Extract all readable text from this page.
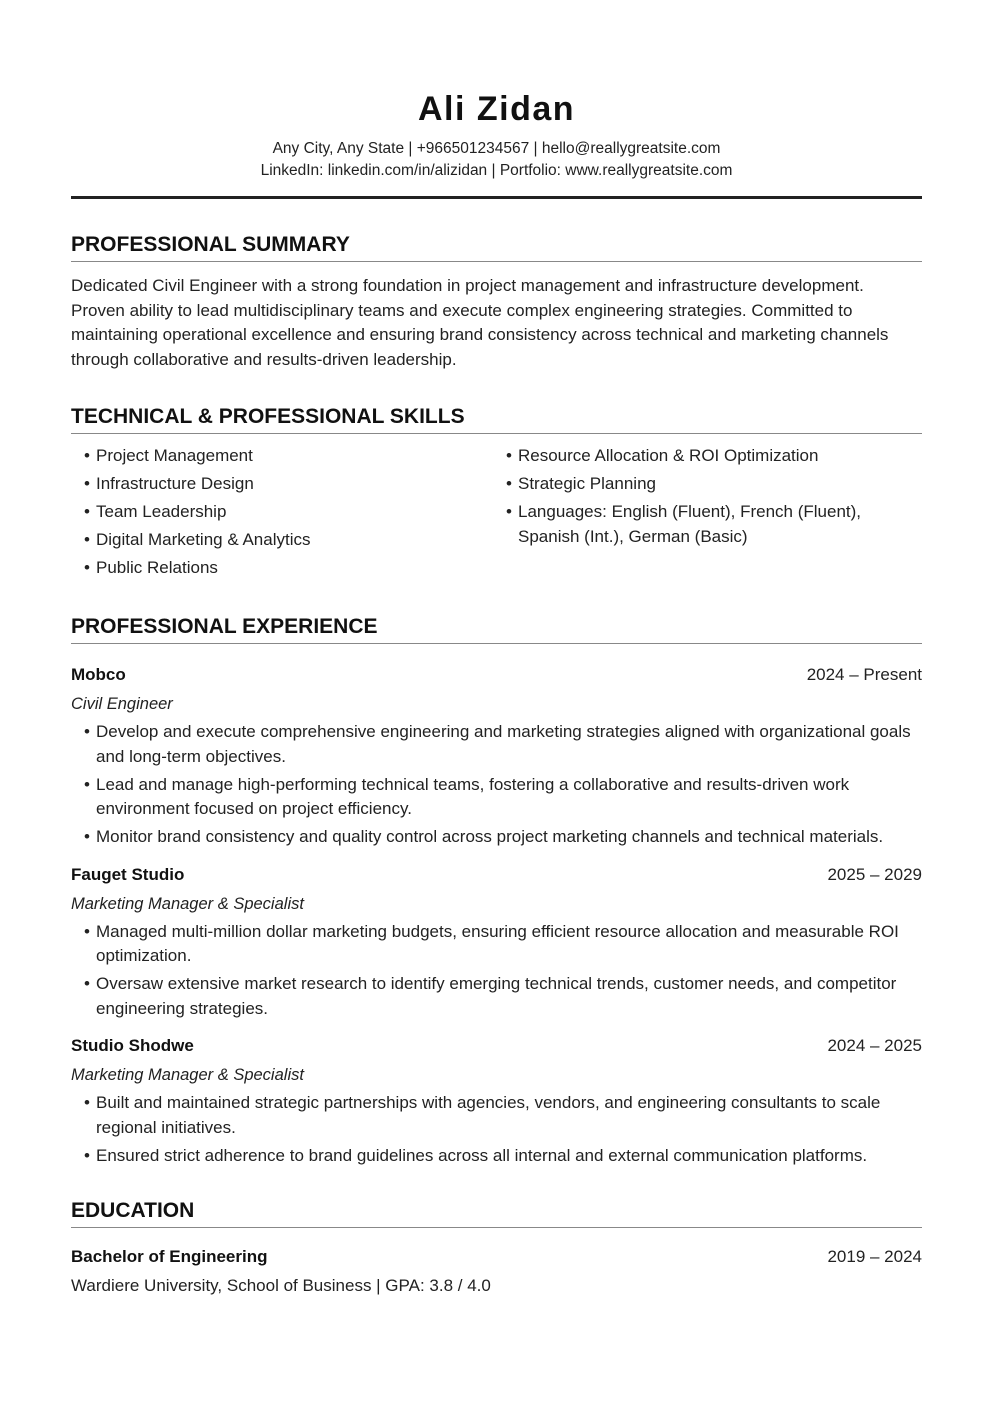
Ali Zidan
Any City, Any State | +966501234567 | hello@reallygreatsite.com
LinkedIn: linkedin.com/in/alizidan | Portfolio: www.reallygreatsite.com
PROFESSIONAL SUMMARY

Dedicated Civil Engineer with a strong foundation in project management and infrastructure development. Proven ability to lead multidisciplinary teams and execute complex engineering strategies. Committed to maintaining operational excellence and ensuring brand consistency across technical and marketing channels through collaborative and results-driven leadership.

TECHNICAL & PROFESSIONAL SKILLS
• Project Management
• Infrastructure Design
• Team Leadership
• Digital Marketing & Analytics
• Public Relations
• Resource Allocation & ROI Optimization
• Strategic Planning
• Languages: English (Fluent), French (Fluent), Spanish (Int.), German (Basic)
PROFESSIONAL EXPERIENCE
Mobco	2024 – Present
Civil Engineer
• Develop and execute comprehensive engineering and marketing strategies aligned with organizational goals and long-term objectives.
• Lead and manage high-performing technical teams, fostering a collaborative and results-driven work environment focused on project efficiency.
• Monitor brand consistency and quality control across project marketing channels and technical materials.
Fauget Studio	2025 – 2029
Marketing Manager & Specialist
• Managed multi-million dollar marketing budgets, ensuring efficient resource allocation and measurable ROI optimization.
• Oversaw extensive market research to identify emerging technical trends, customer needs, and competitor engineering strategies.
Studio Shodwe	2024 – 2025
Marketing Manager & Specialist
• Built and maintained strategic partnerships with agencies, vendors, and engineering consultants to scale regional initiatives.
• Ensured strict adherence to brand guidelines across all internal and external communication platforms.
EDUCATION
Bachelor of Engineering	2019 – 2024
Wardiere University, School of Business | GPA: 3.8 / 4.0
